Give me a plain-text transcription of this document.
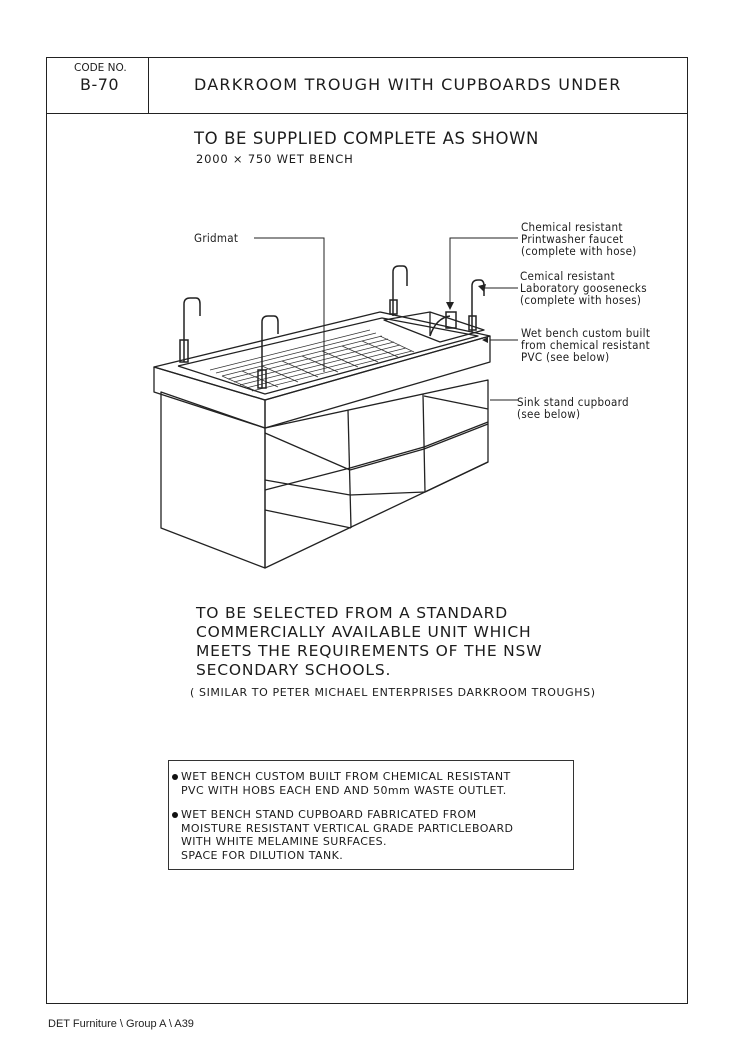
CODE NO.
B-70	DARKROOM TROUGH WITH CUPBOARDS UNDER
TO BE SUPPLIED COMPLETE AS SHOWN
2000 × 750 WET BENCH
Gridmat
Chemical resistant
Printwasher faucet
(complete with hose)
Cemical resistant
Laboratory goosenecks
(complete with hoses)
Wet bench custom built
from chemical resistant
PVC (see below)
Sink stand cupboard
(see below)
TO BE SELECTED FROM A STANDARD
COMMERCIALLY AVAILABLE UNIT WHICH
MEETS THE REQUIREMENTS OF THE NSW
SECONDARY SCHOOLS.
( SIMILAR TO PETER MICHAEL ENTERPRISES DARKROOM TROUGHS)
WET BENCH CUSTOM BUILT FROM CHEMICAL RESISTANT
PVC WITH HOBS EACH END AND 50mm WASTE OUTLET.
WET BENCH STAND CUPBOARD FABRICATED FROM
MOISTURE RESISTANT VERTICAL GRADE PARTICLEBOARD
WITH WHITE MELAMINE SURFACES.
SPACE FOR DILUTION TANK.
DET Furniture \ Group A \ A39
